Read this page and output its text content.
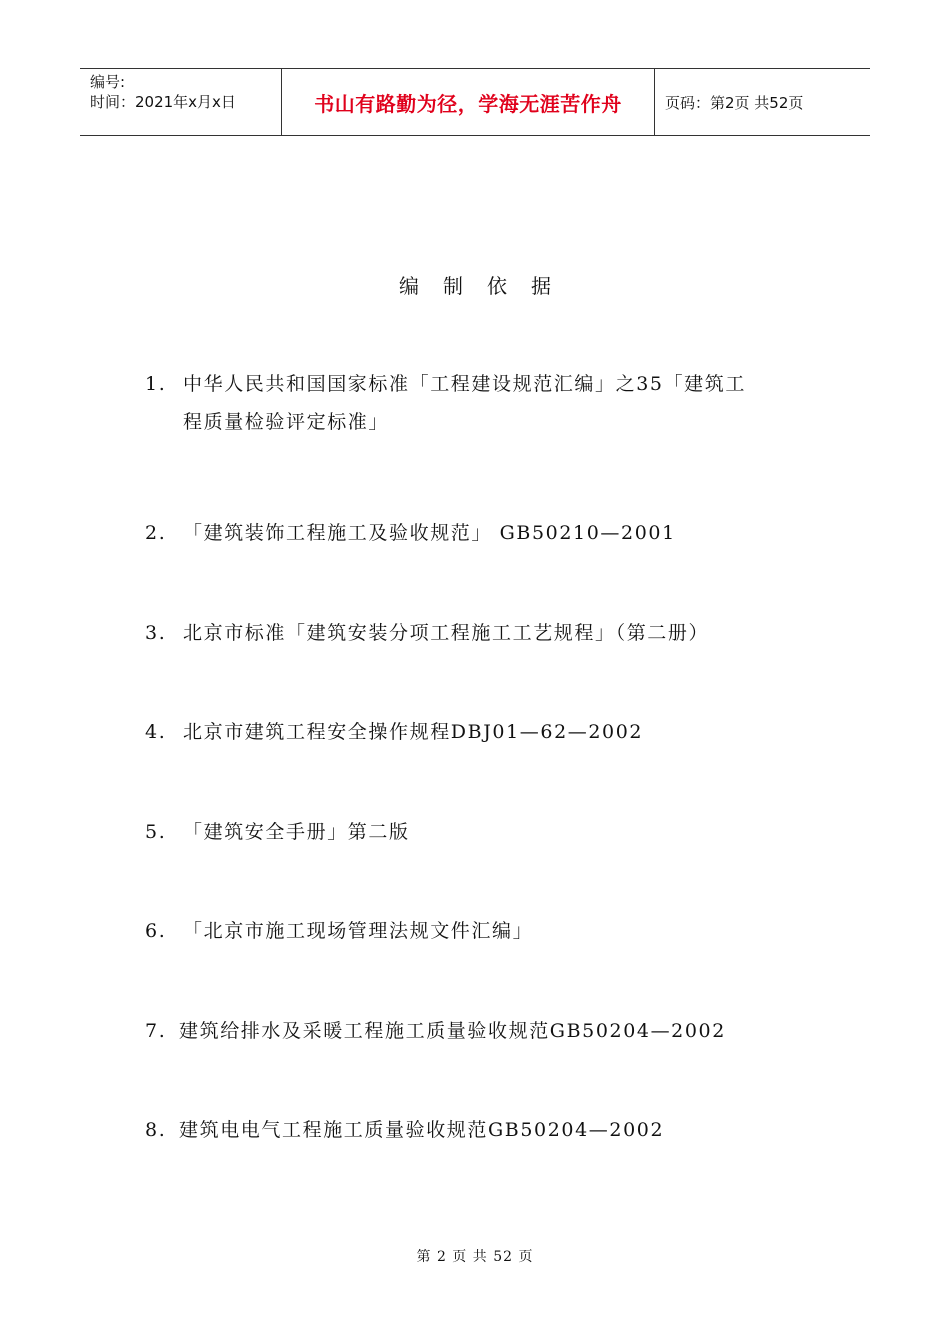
编号:
时间：2021年x月x日	书山有路勤为径，学海无涯苦作舟	页码：第2页 共52页
编制依据
1. 中华人民共和国国家标准「工程建设规范汇编」之35「建筑工
程质量检验评定标准」
2. 「建筑装饰工程施工及验收规范」 GB50210—2001
3. 北京市标准「建筑安装分项工程施工工艺规程」（第二册）
4. 北京市建筑工程安全操作规程DBJ01—62—2002
5. 「建筑安全手册」第二版
6. 「北京市施工现场管理法规文件汇编」
7. 建筑给排水及采暖工程施工质量验收规范GB50204—2002
8. 建筑电电气工程施工质量验收规范GB50204—2002
第 2 页 共 52 页
